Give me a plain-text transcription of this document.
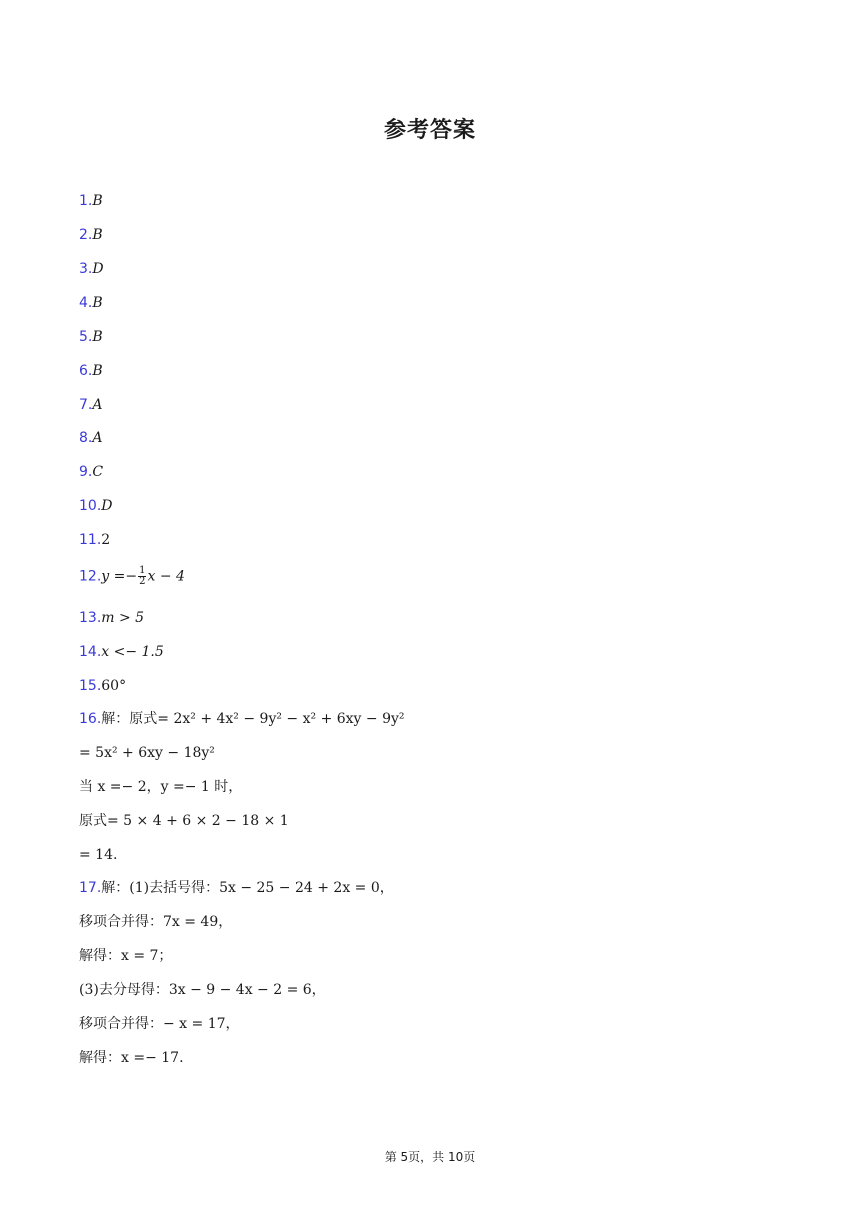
参考答案
1.B
2.B
3.D
4.B
5.B
6.B
7.A
8.A
9.C
10.D
11.2
$12.y =- \frac{1}{2}$ x − 4
13.m > 5
14.x <− 1.5
15.60°
16.解：原式= 2x² + 4x² − 9y² − x² + 6xy − 9y²
= 5x² + 6xy − 18y²
当 x =− 2，y =− 1 时，
原式= 5 × 4 + 6 × 2 − 18 × 1
= 14.
17.解：(1)去括号得：5x − 25 − 24 + 2x = 0，
移项合并得：7x = 49，
解得：x = 7；
(3)去分母得：3x − 9 − 4x − 2 = 6，
移项合并得：− x = 17，
解得：x =− 17.
第 5页，共 10页
